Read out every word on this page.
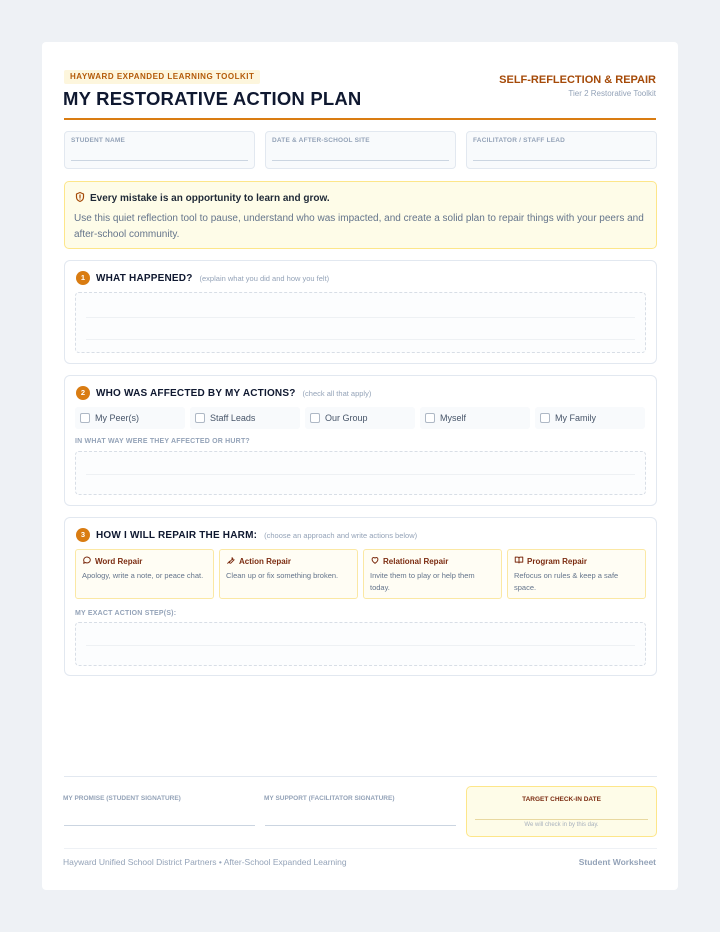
HAYWARD EXPANDED LEARNING TOOLKIT
MY RESTORATIVE ACTION PLAN
SELF-REFLECTION & REPAIR
Tier 2 Restorative Toolkit
STUDENT NAME	DATE & AFTER-SCHOOL SITE	FACILITATOR / STAFF LEAD
Every mistake is an opportunity to learn and grow.
Use this quiet reflection tool to pause, understand who was impacted, and create a solid plan to repair things with your peers and after-school community.
1	WHAT HAPPENED? (explain what you did and how you felt)
2	WHO WAS AFFECTED BY MY ACTIONS? (check all that apply)
My Peer(s)	Staff Leads	Our Group	Myself	My Family
IN WHAT WAY WERE THEY AFFECTED OR HURT?
3	HOW I WILL REPAIR THE HARM: (choose an approach and write actions below)
Word Repair
Apology, write a note, or peace chat.
Action Repair
Clean up or fix something broken.
Relational Repair
Invite them to play or help them today.
Program Repair
Refocus on rules & keep a safe space.
MY EXACT ACTION STEP(S):
MY PROMISE (STUDENT SIGNATURE)	MY SUPPORT (FACILITATOR SIGNATURE)	TARGET CHECK-IN DATE
We will check in by this day.
Hayward Unified School District Partners • After-School Expanded Learning	Student Worksheet
